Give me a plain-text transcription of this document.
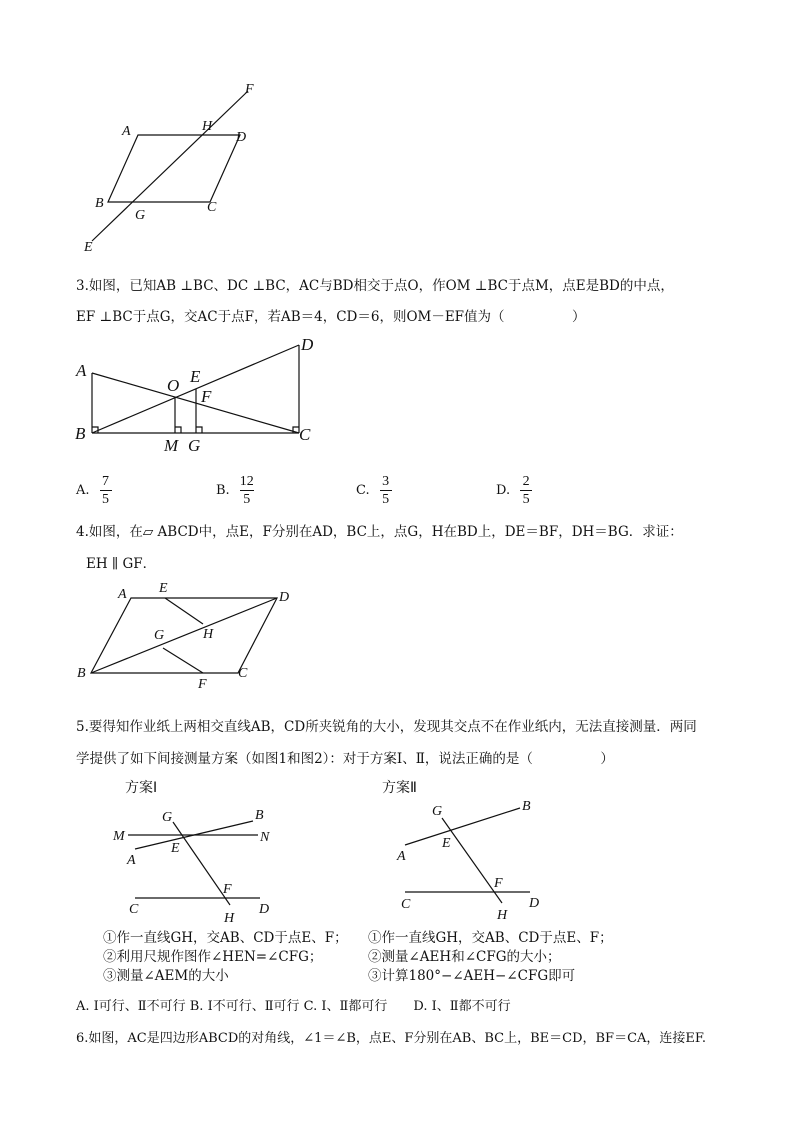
A	H
D
F
B
G
C
E
3.如图，已知AB ⊥BC、DC ⊥BC，AC与BD相交于点O，作OM ⊥BC于点M，点E是BD的中点，
EF ⊥BC于点G，交AC于点F，若AB＝4，CD＝6，则OM－EF值为（　　　　　）
A
B
O E
F
D
C
M G
A. $\frac{7}{5}$	B. $\frac{12}{5}$	C. $\frac{3}{5}$	D. $\frac{2}{5}$
4.如图，在▱ ABCD中，点E，F分别在AD，BC上，点G，H在BD上，DE＝BF，DH＝BG．求证：
EH ∥ GF．
A E
D
G	H
B
F
C
5.要得知作业纸上两相交直线AB，CD所夹锐角的大小，发现其交点不在作业纸内，无法直接测量．两同
学提供了如下间接测量方案（如图1和图2）：对于方案Ⅰ、Ⅱ，说法正确的是（　　　　　）
方案Ⅰ
G	B
M	N
E
A
F
C	D
H
方案Ⅱ
G	B
E
A
F
C	D
H
①作一直线GH，交AB、CD于点E、F；
②利用尺规作图作∠HEN=∠CFG；
③测量∠AEM的大小
①作一直线GH，交AB、CD于点E、F；
②测量∠AEH和∠CFG的大小；
③计算180°−∠AEH−∠CFG即可
A. Ⅰ可行、Ⅱ不可行 B. Ⅰ不可行、Ⅱ可行 C. Ⅰ、Ⅱ都可行　　D. Ⅰ、Ⅱ都不可行
6.如图，AC是四边形ABCD的对角线，∠1＝∠B，点E、F分别在AB、BC上，BE＝CD，BF＝CA，连接EF.
